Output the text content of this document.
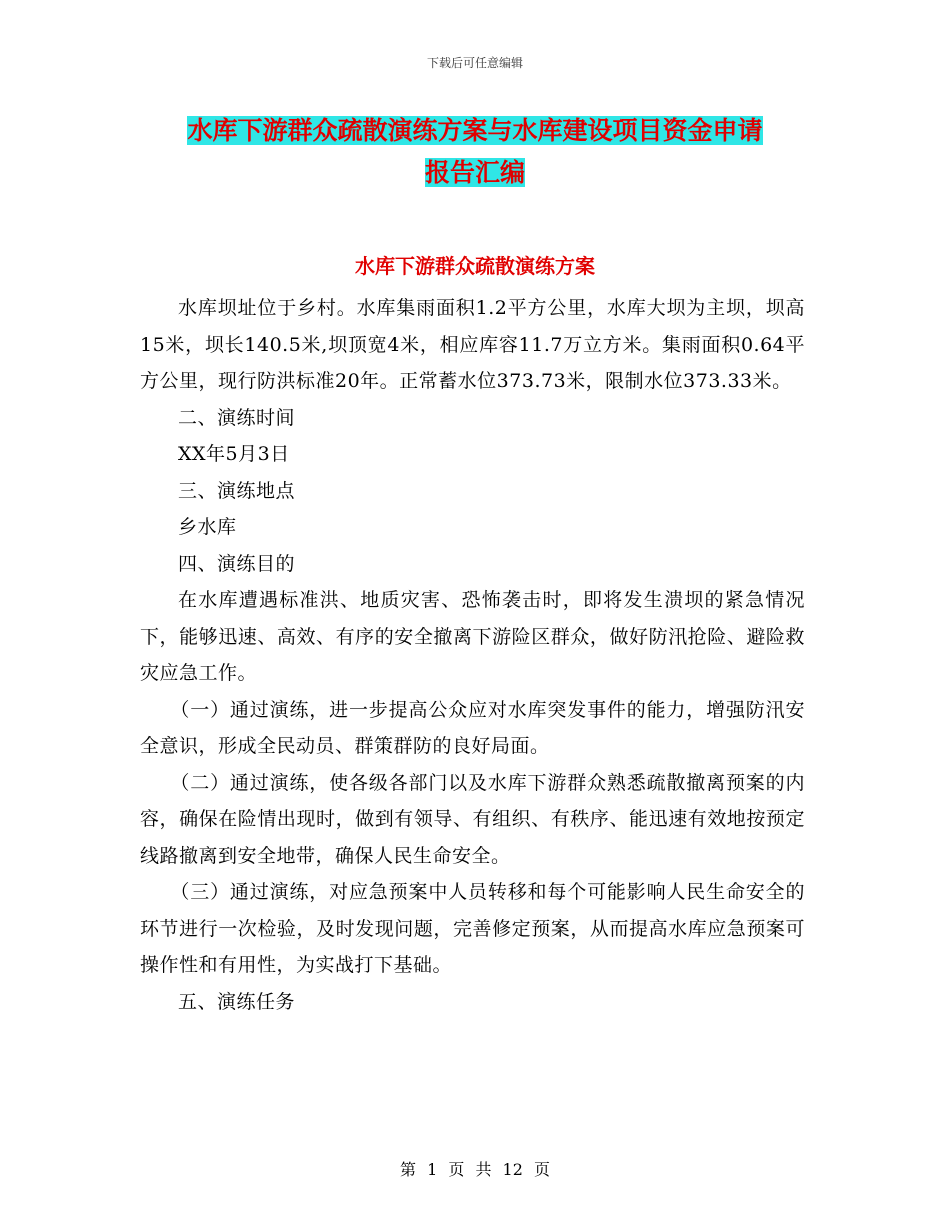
下载后可任意编辑
水库下游群众疏散演练方案与水库建设项目资金申请
报告汇编
水库下游群众疏散演练方案

水库坝址位于乡村。水库集雨面积1.2平方公里，水库大坝为主坝，坝高15米，坝长140.5米,坝顶宽4米，相应库容11.7万立方米。集雨面积0.64平方公里，现行防洪标准20年。正常蓄水位373.73米，限制水位373.33米。

二、演练时间

XX年5月3日

三、演练地点

乡水库

四、演练目的

在水库遭遇标准洪、地质灾害、恐怖袭击时，即将发生溃坝的紧急情况下，能够迅速、高效、有序的安全撤离下游险区群众，做好防汛抢险、避险救灾应急工作。

（一）通过演练，进一步提高公众应对水库突发事件的能力，增强防汛安全意识，形成全民动员、群策群防的良好局面。

（二）通过演练，使各级各部门以及水库下游群众熟悉疏散撤离预案的内容，确保在险情出现时，做到有领导、有组织、有秩序、能迅速有效地按预定线路撤离到安全地带，确保人民生命安全。

（三）通过演练，对应急预案中人员转移和每个可能影响人民生命安全的环节进行一次检验，及时发现问题，完善修定预案，从而提高水库应急预案可操作性和有用性，为实战打下基础。

五、演练任务

第 1 页 共 12 页
